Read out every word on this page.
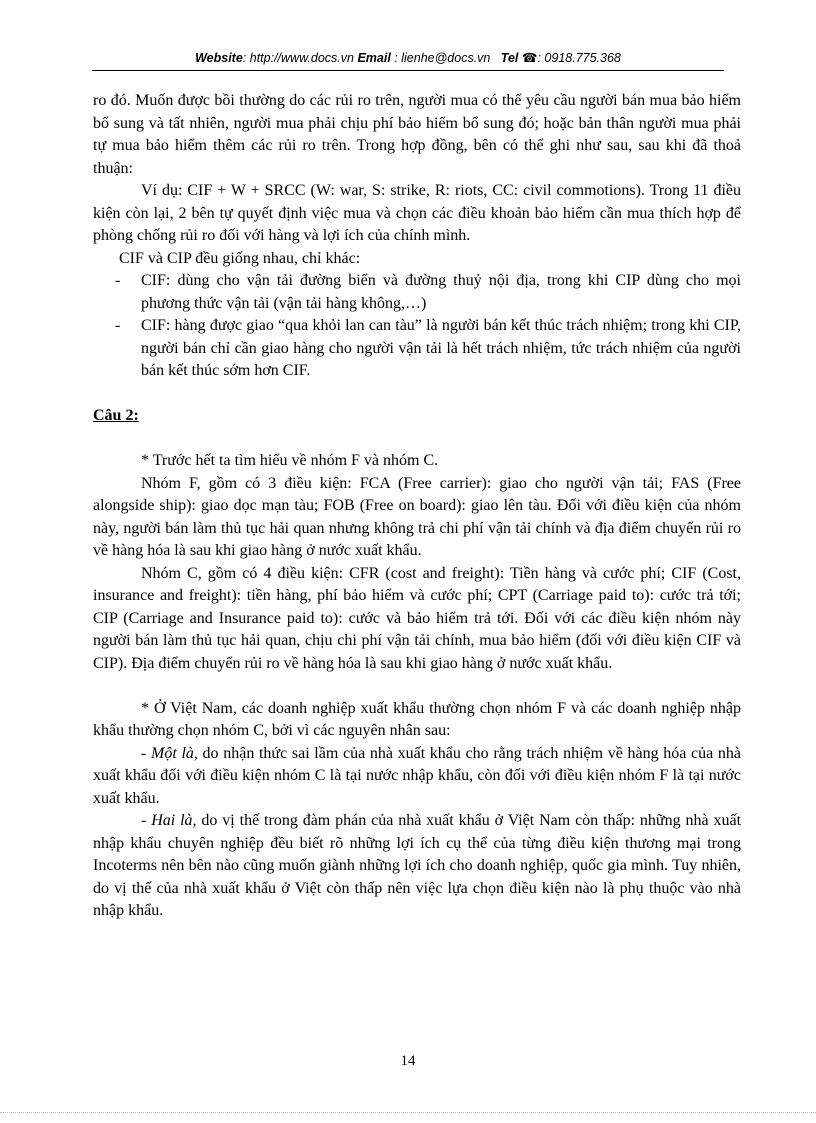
Website: http://www.docs.vn Email : lienhe@docs.vn Tel ☎: 0918.775.368

ro đó. Muốn được bồi thường do các rủi ro trên, người mua có thể yêu cầu người bán mua bảo hiểm bổ sung và tất nhiên, người mua phải chịu phí bảo hiểm bổ sung đó; hoặc bản thân người mua phải tự mua bảo hiểm thêm các rủi ro trên. Trong hợp đồng, bên có thể ghi như sau, sau khi đã thoả thuận:

Ví dụ: CIF + W + SRCC (W: war, S: strike, R: riots, CC: civil commotions). Trong 11 điều kiện còn lại, 2 bên tự quyết định việc mua và chọn các điều khoản bảo hiểm cần mua thích hợp để phòng chống rủi ro đối với hàng và lợi ích của chính mình.

CIF và CIP đều giống nhau, chỉ khác:

-	CIF: dùng cho vận tải đường biển và đường thuỷ nội địa, trong khi CIP dùng cho mọi phương thức vận tải (vận tải hàng không,…)
-	CIF: hàng được giao “qua khỏi lan can tàu” là người bán kết thúc trách nhiệm; trong khi CIP, người bán chỉ cần giao hàng cho người vận tải là hết trách nhiệm, tức trách nhiệm của người bán kết thúc sớm hơn CIF.

Câu 2:

* Trước hết ta tìm hiểu về nhóm F và nhóm C.

Nhóm F, gồm có 3 điều kiện: FCA (Free carrier): giao cho người vận tải; FAS (Free alongside ship): giao dọc mạn tàu; FOB (Free on board): giao lên tàu. Đối với điều kiện của nhóm này, người bán làm thủ tục hải quan nhưng không trả chi phí vận tải chính và địa điểm chuyển rủi ro về hàng hóa là sau khi giao hàng ở nước xuất khẩu.

Nhóm C, gồm có 4 điều kiện: CFR (cost and freight): Tiền hàng và cước phí; CIF (Cost, insurance and freight): tiền hàng, phí bảo hiểm và cước phí; CPT (Carriage paid to): cước trả tới; CIP (Carriage and Insurance paid to): cước và bảo hiểm trả tới. Đối với các điều kiện nhóm này người bán làm thủ tục hải quan, chịu chi phí vận tải chính, mua bảo hiểm (đối với điều kiện CIF và CIP). Địa điểm chuyển rủi ro về hàng hóa là sau khi giao hàng ở nước xuất khẩu.

* Ở Việt Nam, các doanh nghiệp xuất khẩu thường chọn nhóm F và các doanh nghiệp nhập khẩu thường chọn nhóm C, bởi vì các nguyên nhân sau:

- Một là, do nhận thức sai lầm của nhà xuất khẩu cho rằng trách nhiệm về hàng hóa của nhà xuất khẩu đối với điều kiện nhóm C là tại nước nhập khẩu, còn đối với điều kiện nhóm F là tại nước xuất khẩu.

- Hai là, do vị thế trong đàm phán của nhà xuất khẩu ở Việt Nam còn thấp: những nhà xuất nhập khẩu chuyên nghiệp đều biết rõ những lợi ích cụ thể của từng điều kiện thương mại trong Incoterms nên bên nào cũng muốn giành những lợi ích cho doanh nghiệp, quốc gia mình. Tuy nhiên, do vị thế của nhà xuất khẩu ở Việt còn thấp nên việc lựa chọn điều kiện nào là phụ thuộc vào nhà nhập khẩu.

14
